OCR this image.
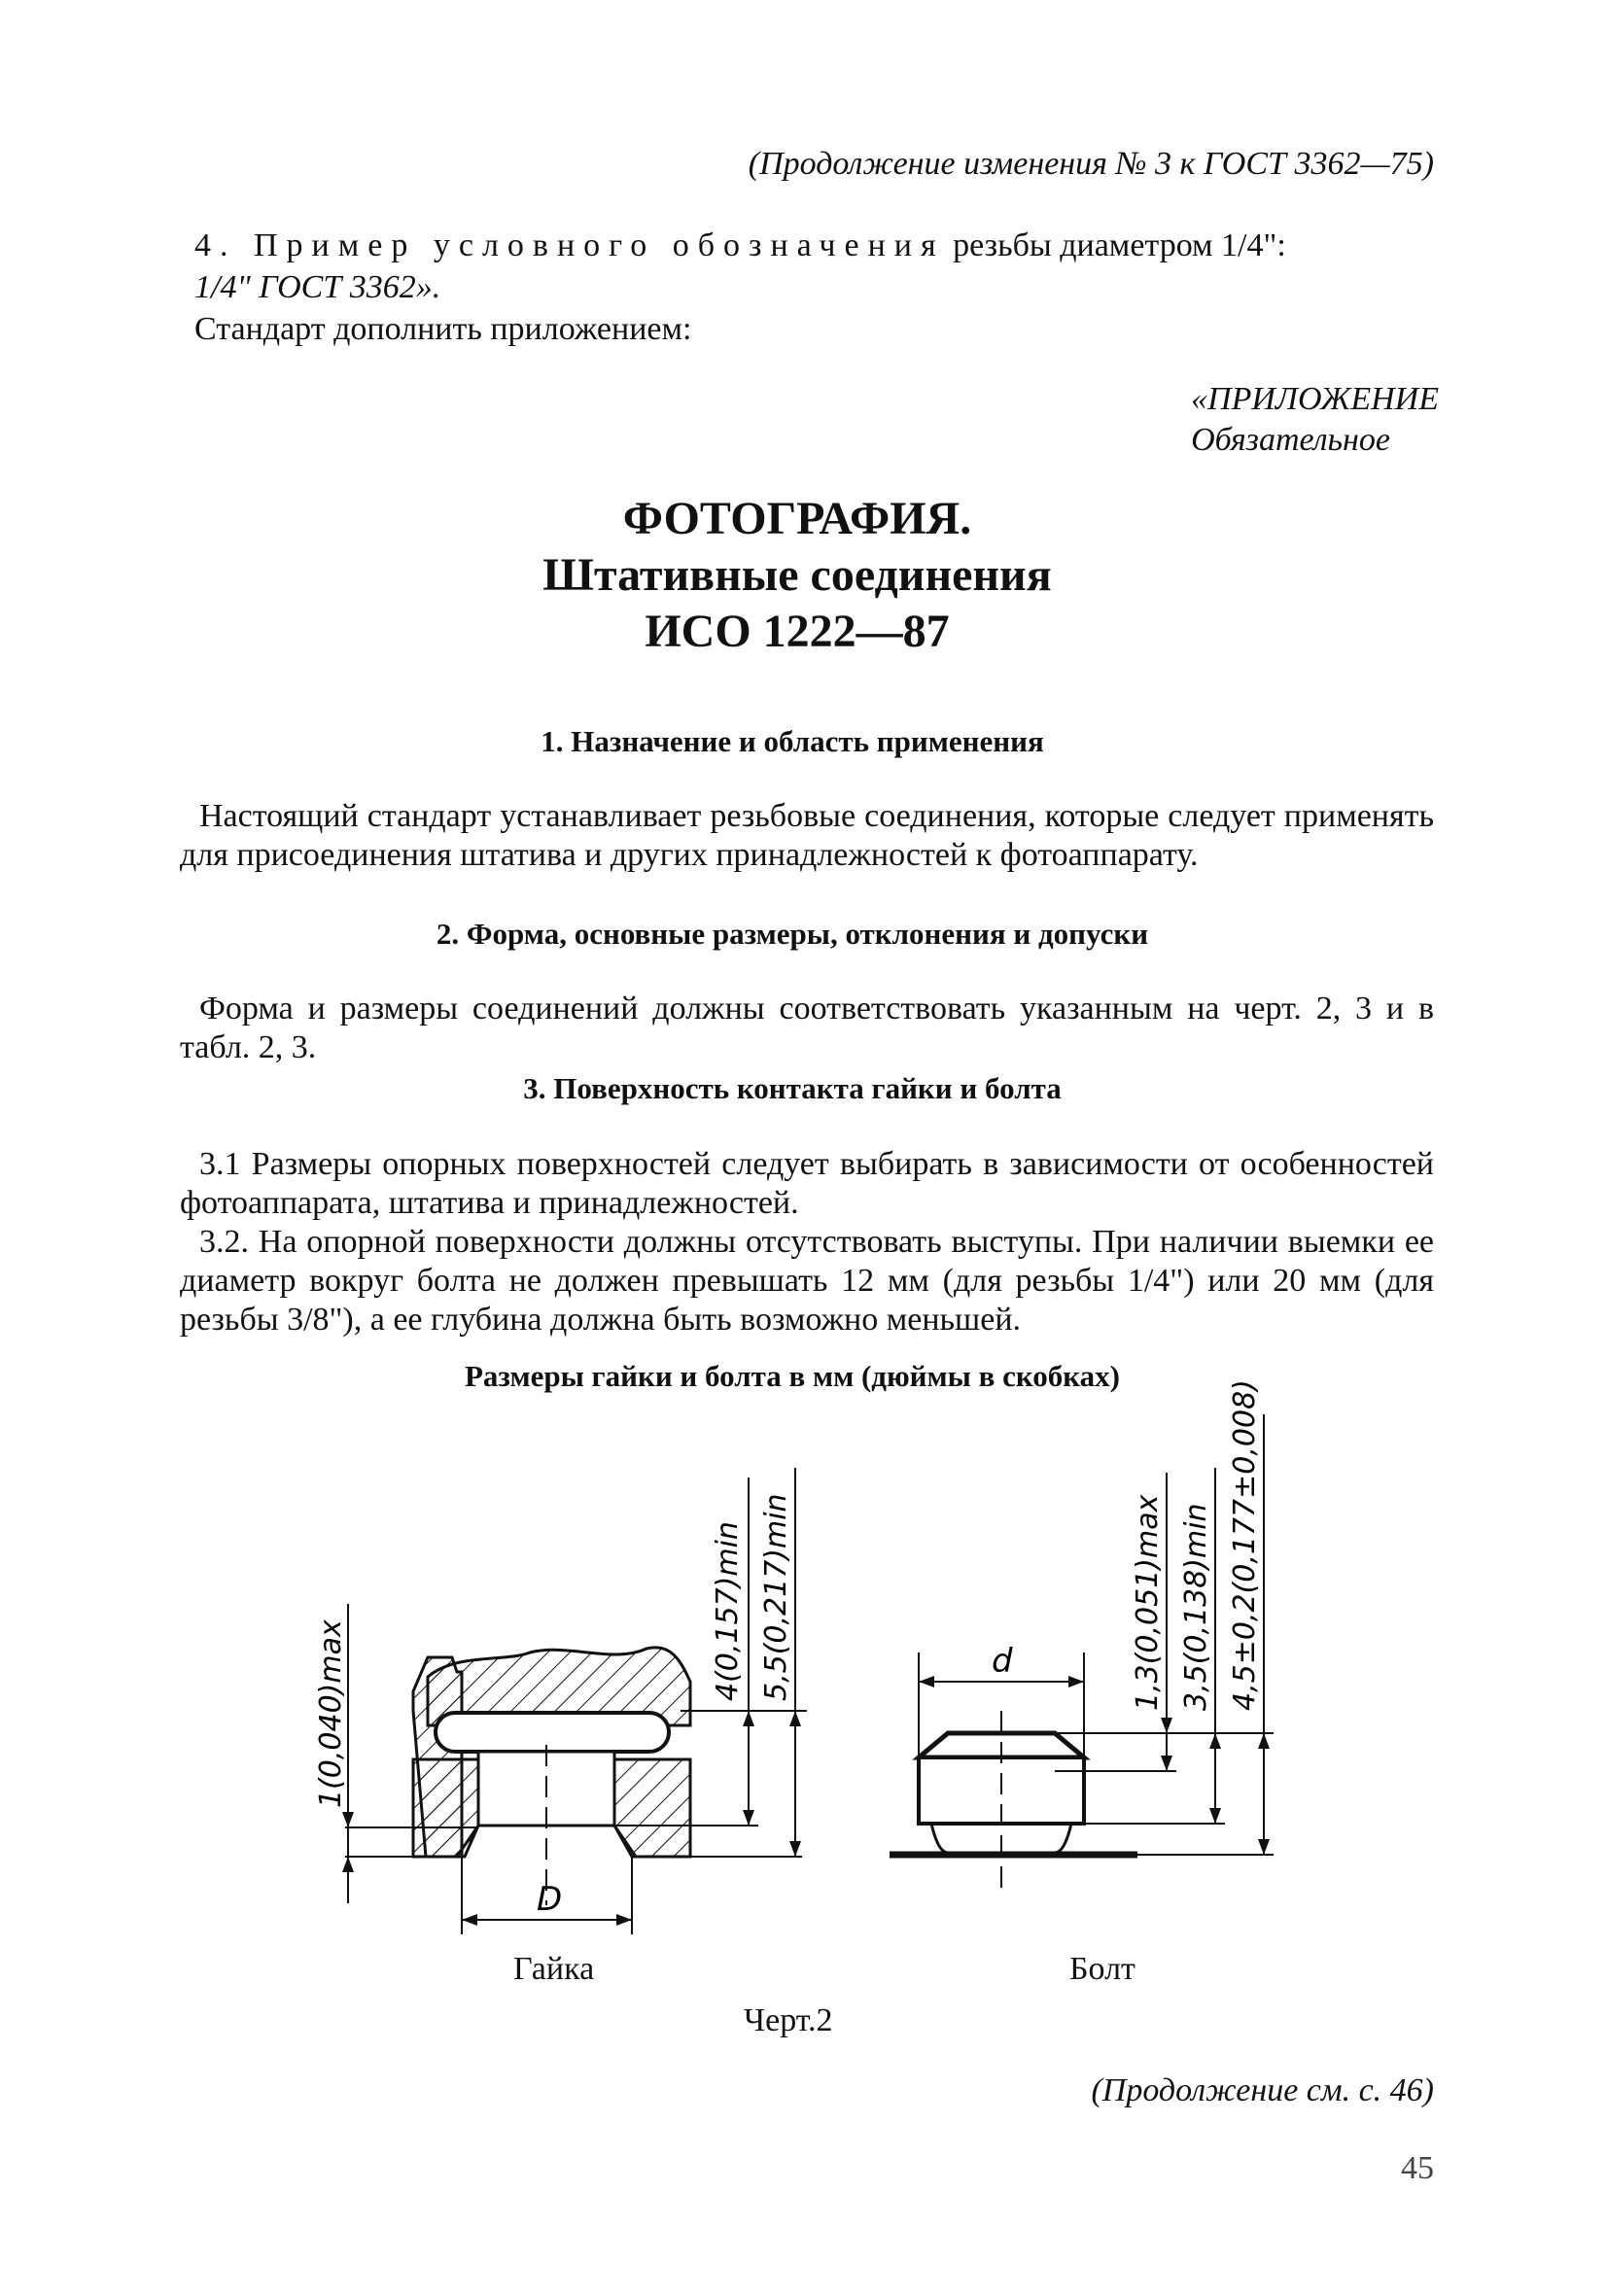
(Продолжение изменения № 3 к ГОСТ 3362—75)
4. Пример условного обозначения резьбы диаметром 1/4":
1/4" ГОСТ 3362».
Стандарт дополнить приложением:
«ПРИЛОЖЕНИЕ
Обязательное
ФОТОГРАФИЯ.
Штативные соединения
ИСО 1222—87
1. Назначение и область применения
Настоящий стандарт устанавливает резьбовые соединения, которые следует применять для присоединения штатива и других принадлежностей к фотоаппарату.
2. Форма, основные размеры, отклонения и допуски
Форма и размеры соединений должны соответствовать указанным на черт. 2, 3 и в табл. 2, 3.
3. Поверхность контакта гайки и болта
3.1 Размеры опорных поверхностей следует выбирать в зависимости от особенностей фотоаппарата, штатива и принадлежностей.
3.2. На опорной поверхности должны отсутствовать выступы. При наличии выемки ее диаметр вокруг болта не должен превышать 12 мм (для резьбы 1/4") или 20 мм (для резьбы 3/8"), а ее глубина должна быть возможно меньшей.
Размеры гайки и болта в мм (дюймы в скобках)
1(0,040)max
4(0,157)min 5,5(0,217)min
D
d	1,3(0,051)max 3,5(0,138)min 4,5±0,2(0,177±0,008)
Гайка	Болт
Черт.2
(Продолжение см. с. 46)
45
